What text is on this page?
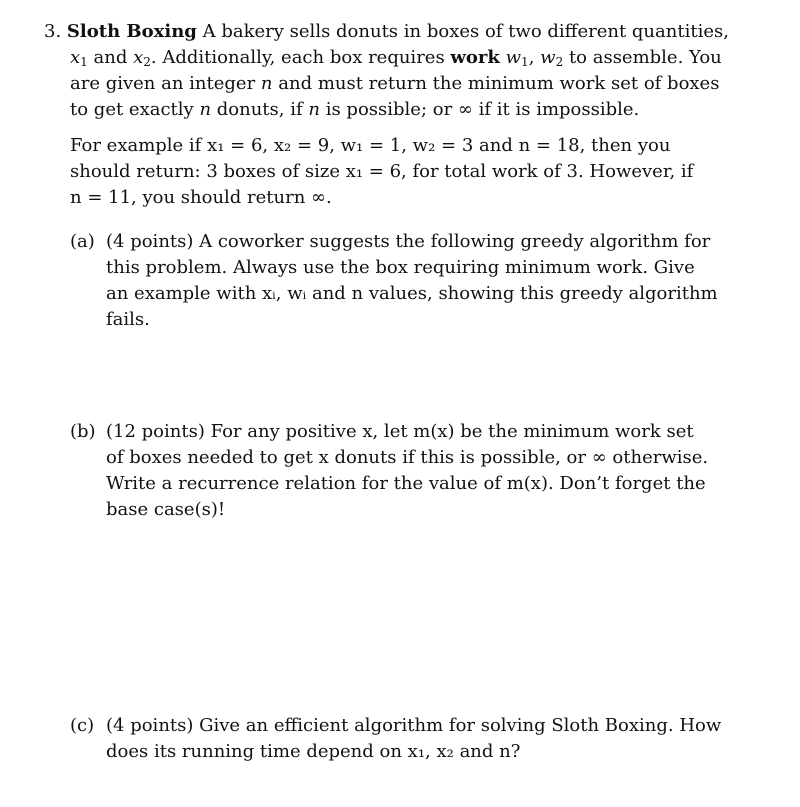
3. Sloth Boxing A bakery sells donuts in boxes of two different quantities,
$x_1$ and $x_2$. Additionally, each box requires work $w_1$, $w_2$ to assemble. You
are given an integer n and must return the minimum work set of boxes
to get exactly n donuts, if n is possible; or ∞ if it is impossible.
For example if x₁ = 6, x₂ = 9, w₁ = 1, w₂ = 3 and n = 18, then you
should return: 3 boxes of size x₁ = 6, for total work of 3. However, if
n = 11, you should return ∞.
(a) (4 points) A coworker suggests the following greedy algorithm for
this problem. Always use the box requiring minimum work. Give
an example with xᵢ, wᵢ and n values, showing this greedy algorithm
fails.
(b) (12 points) For any positive x, let m(x) be the minimum work set
of boxes needed to get x donuts if this is possible, or ∞ otherwise.
Write a recurrence relation for the value of m(x). Don’t forget the
base case(s)!
(c) (4 points) Give an efficient algorithm for solving Sloth Boxing. How
does its running time depend on x₁, x₂ and n?
